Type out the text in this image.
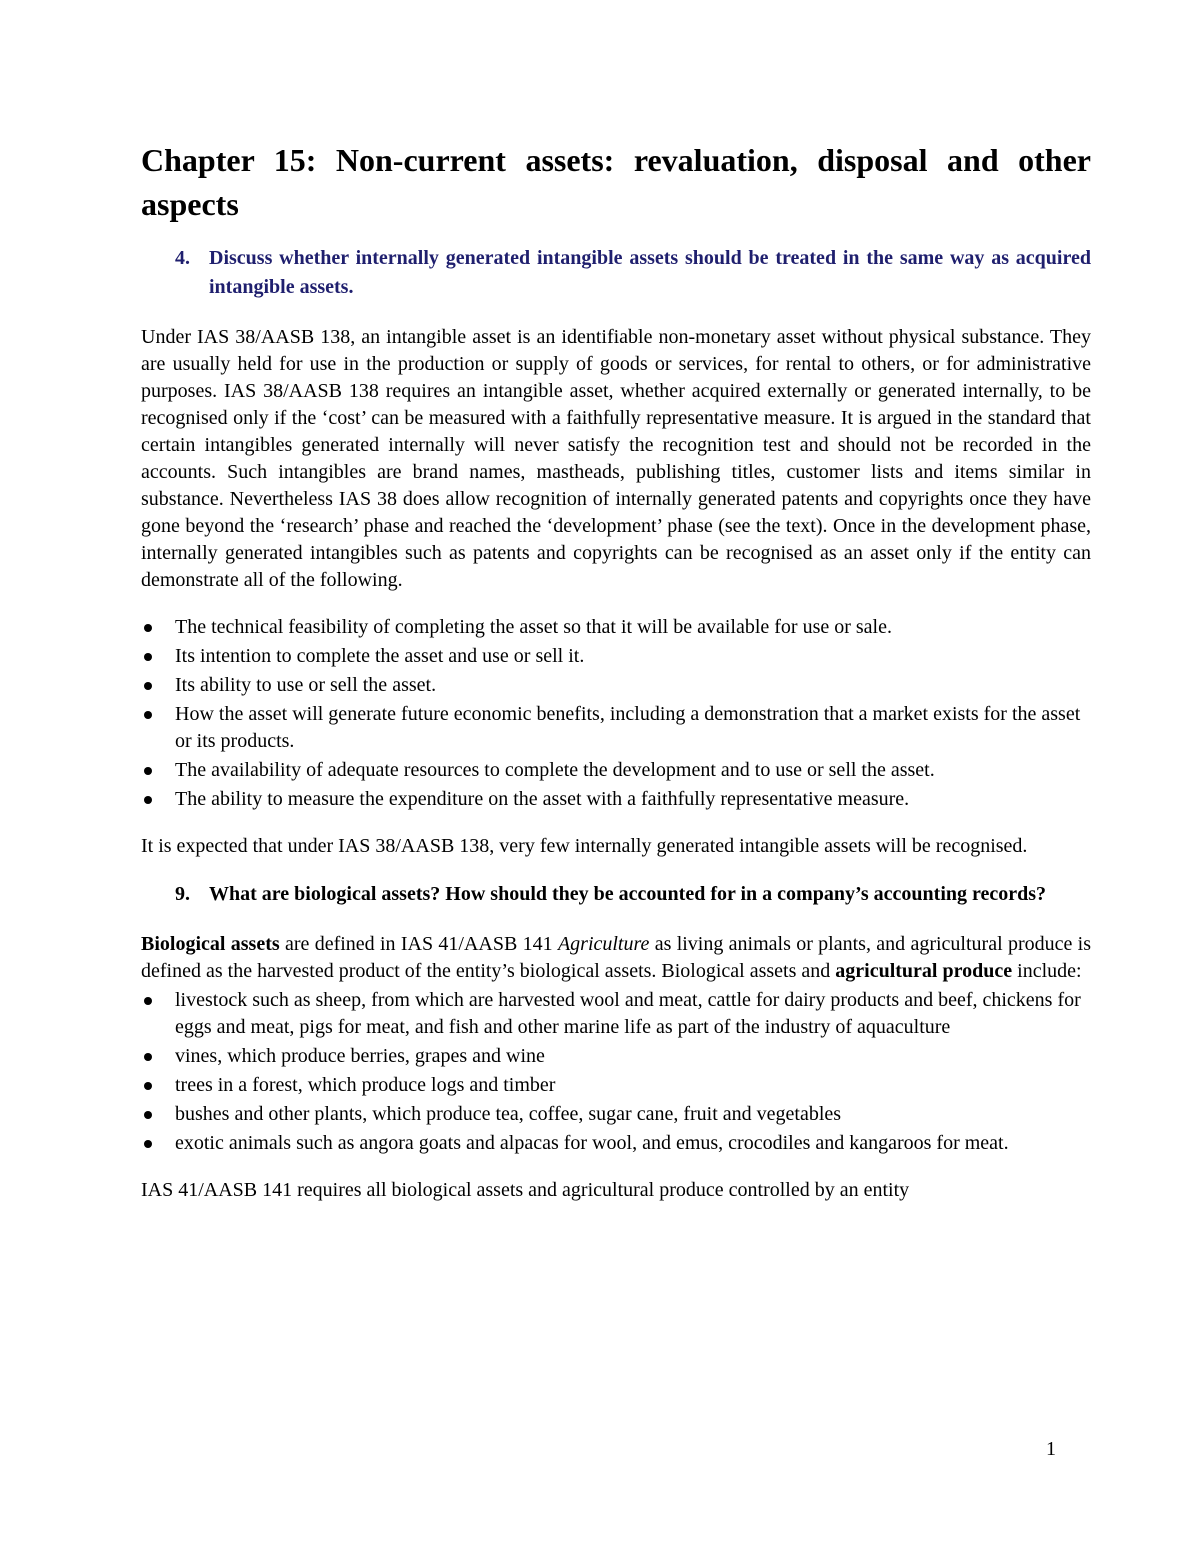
Chapter 15: Non-current assets: revaluation, disposal and other aspects
4. Discuss whether internally generated intangible assets should be treated in the same way as acquired intangible assets.

Under IAS 38/AASB 138, an intangible asset is an identifiable non-monetary asset without physical substance. They are usually held for use in the production or supply of goods or services, for rental to others, or for administrative purposes. IAS 38/AASB 138 requires an intangible asset, whether acquired externally or generated internally, to be recognised only if the ‘cost’ can be measured with a faithfully representative measure. It is argued in the standard that certain intangibles generated internally will never satisfy the recognition test and should not be recorded in the accounts. Such intangibles are brand names, mastheads, publishing titles, customer lists and items similar in substance. Nevertheless IAS 38 does allow recognition of internally generated patents and copyrights once they have gone beyond the ‘research’ phase and reached the ‘development’ phase (see the text). Once in the development phase, internally generated intangibles such as patents and copyrights can be recognised as an asset only if the entity can demonstrate all of the following.

The technical feasibility of completing the asset so that it will be available for use or sale.
Its intention to complete the asset and use or sell it.
Its ability to use or sell the asset.
How the asset will generate future economic benefits, including a demonstration that a market exists for the asset or its products.
The availability of adequate resources to complete the development and to use or sell the asset.
The ability to measure the expenditure on the asset with a faithfully representative measure.

It is expected that under IAS 38/AASB 138, very few internally generated intangible assets will be recognised.

9. What are biological assets? How should they be accounted for in a company’s accounting records?

Biological assets are defined in IAS 41/AASB 141 Agriculture as living animals or plants, and agricultural produce is defined as the harvested product of the entity’s biological assets. Biological assets and agricultural produce include:

livestock such as sheep, from which are harvested wool and meat, cattle for dairy products and beef, chickens for eggs and meat, pigs for meat, and fish and other marine life as part of the industry of aquaculture
vines, which produce berries, grapes and wine
trees in a forest, which produce logs and timber
bushes and other plants, which produce tea, coffee, sugar cane, fruit and vegetables
exotic animals such as angora goats and alpacas for wool, and emus, crocodiles and kangaroos for meat.

IAS 41/AASB 141 requires all biological assets and agricultural produce controlled by an entity

1
